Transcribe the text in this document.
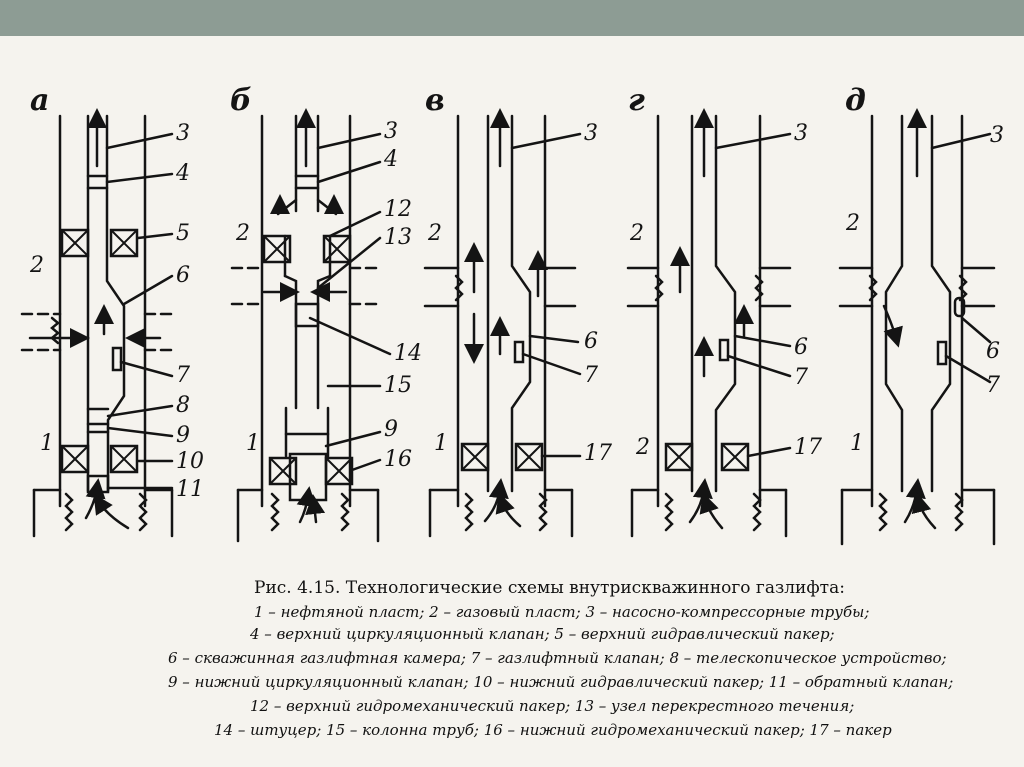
а	б	в	г	д
3
4
5
6
7
8
9
10
11
2
1
3
4
12
13
14
15
9
16
2
1
3
6
7
17
2
1
3
6
7
17
2
2
3
6
7
2
1
Рис. 4.15. Технологические схемы внутрискважинного газлифта:
1 – нефтяной пласт; 2 – газовый пласт; 3 – насосно-компрессорные трубы;
4 – верхний циркуляционный клапан; 5 – верхний гидравлический пакер;
6 – скважинная газлифтная камера; 7 – газлифтный клапан; 8 – телескопическое устройство;
9 – нижний циркуляционный клапан; 10 – нижний гидравлический пакер; 11 – обратный клапан;
12 – верхний гидромеханический пакер; 13 – узел перекрестного течения;
14 – штуцер; 15 – колонна труб; 16 – нижний гидромеханический пакер; 17 – пакер
